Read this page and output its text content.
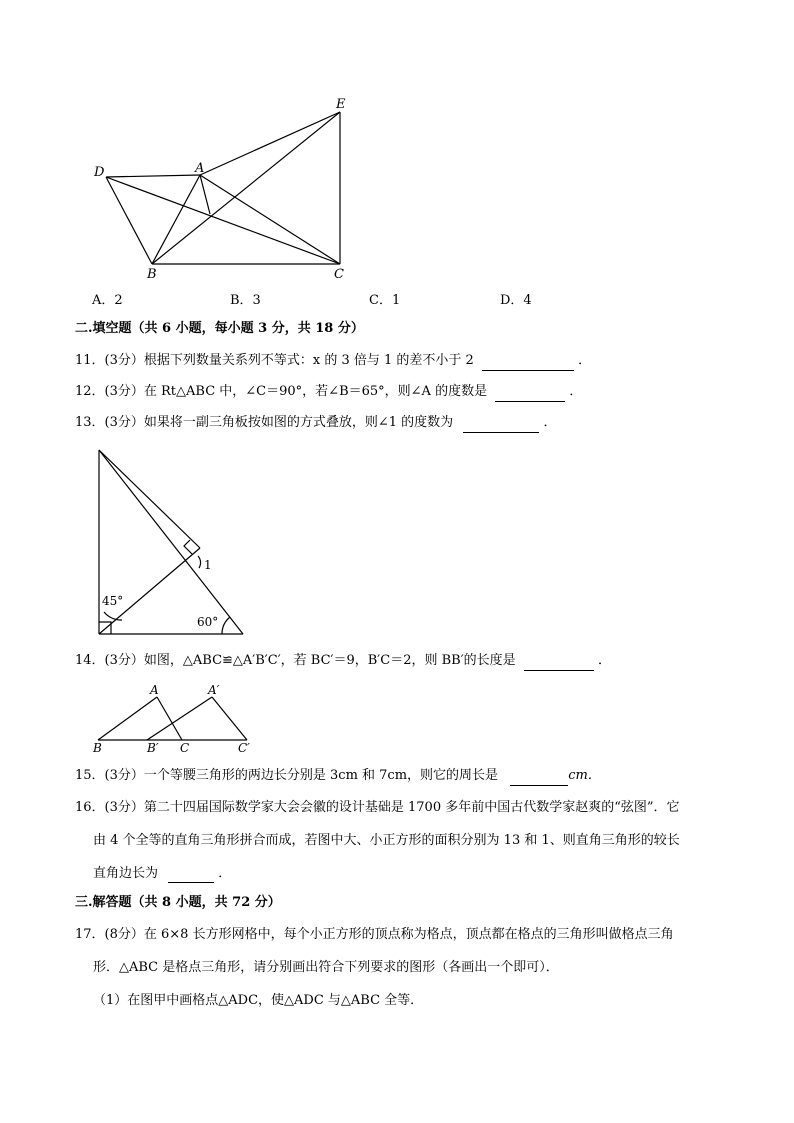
D	A
E
B	C
A．2	B．3	C．1	D．4
二.填空题（共 6 小题，每小题 3 分，共 18 分）
11．(3分）根据下列数量关系列不等式：x 的 3 倍与 1 的差不小于 2	．
12．(3分）在 Rt△ABC 中，∠C＝90°，若∠B＝65°，则∠A 的度数是	．
13．(3分）如果将一副三角板按如图的方式叠放，则∠1 的度数为	．
45°
60°
1
14．(3分）如图，△ABC≌△A′B′C′，若 BC′＝9，B′C＝2，则 BB′的长度是	．
A	A′
B	B′ C	C′
15．(3分）一个等腰三角形的两边长分别是 3cm 和 7cm，则它的周长是	cm．
16．(3分）第二十四届国际数学家大会会徽的设计基础是 1700 多年前中国古代数学家赵爽的“弦图”．它
由 4 个全等的直角三角形拼合而成，若图中大、小正方形的面积分别为 13 和 1、则直角三角形的较长
直角边长为	．
三.解答题（共 8 小题，共 72 分）
17．(8分）在 6×8 长方形网格中，每个小正方形的顶点称为格点，顶点都在格点的三角形叫做格点三角
形．△ABC 是格点三角形，请分别画出符合下列要求的图形（各画出一个即可）．
（1）在图甲中画格点△ADC，使△ADC 与△ABC 全等．
